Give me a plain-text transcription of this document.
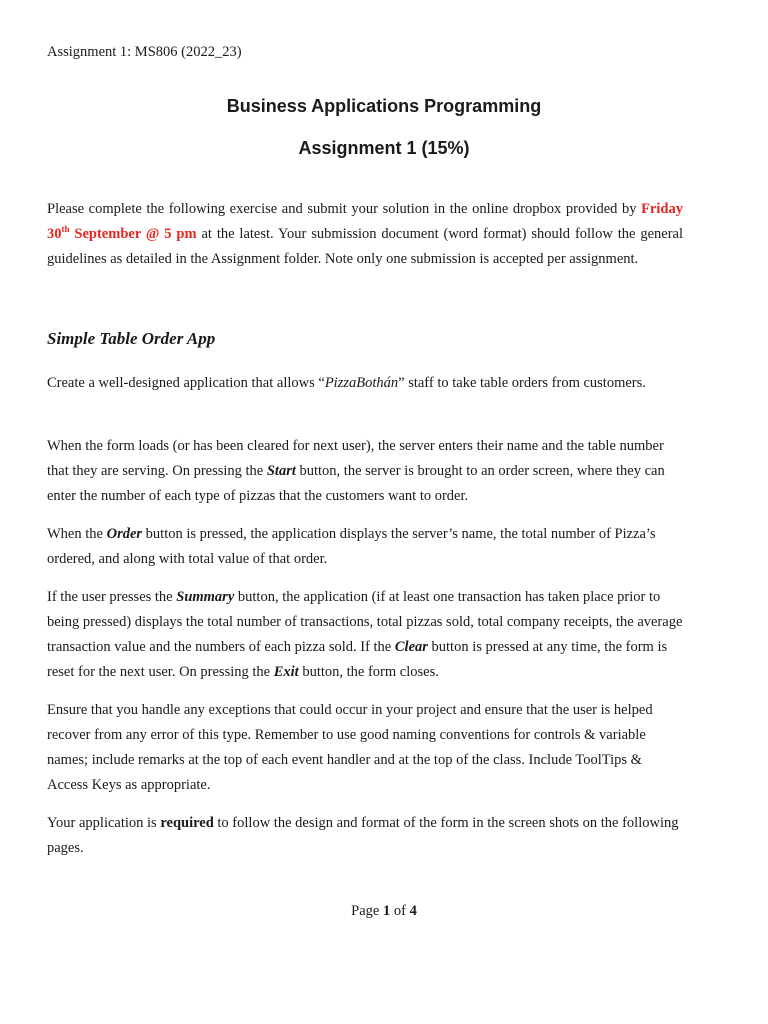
Assignment 1: MS806 (2022_23)
Business Applications Programming
Assignment 1 (15%)
Please complete the following exercise and submit your solution in the online dropbox provided by Friday 30th September @ 5 pm at the latest. Your submission document (word format) should follow the general guidelines as detailed in the Assignment folder. Note only one submission is accepted per assignment.
Simple Table Order App
Create a well-designed application that allows “PizzaBothán” staff to take table orders from customers.
When the form loads (or has been cleared for next user), the server enters their name and the table number that they are serving. On pressing the Start button, the server is brought to an order screen, where they can enter the number of each type of pizzas that the customers want to order.
When the Order button is pressed, the application displays the server’s name, the total number of Pizza’s ordered, and along with total value of that order.
If the user presses the Summary button, the application (if at least one transaction has taken place prior to being pressed) displays the total number of transactions, total pizzas sold, total company receipts, the average transaction value and the numbers of each pizza sold. If the Clear button is pressed at any time, the form is reset for the next user. On pressing the Exit button, the form closes.
Ensure that you handle any exceptions that could occur in your project and ensure that the user is helped recover from any error of this type. Remember to use good naming conventions for controls & variable names; include remarks at the top of each event handler and at the top of the class. Include ToolTips & Access Keys as appropriate.
Your application is required to follow the design and format of the form in the screen shots on the following pages.
Page 1 of 4
